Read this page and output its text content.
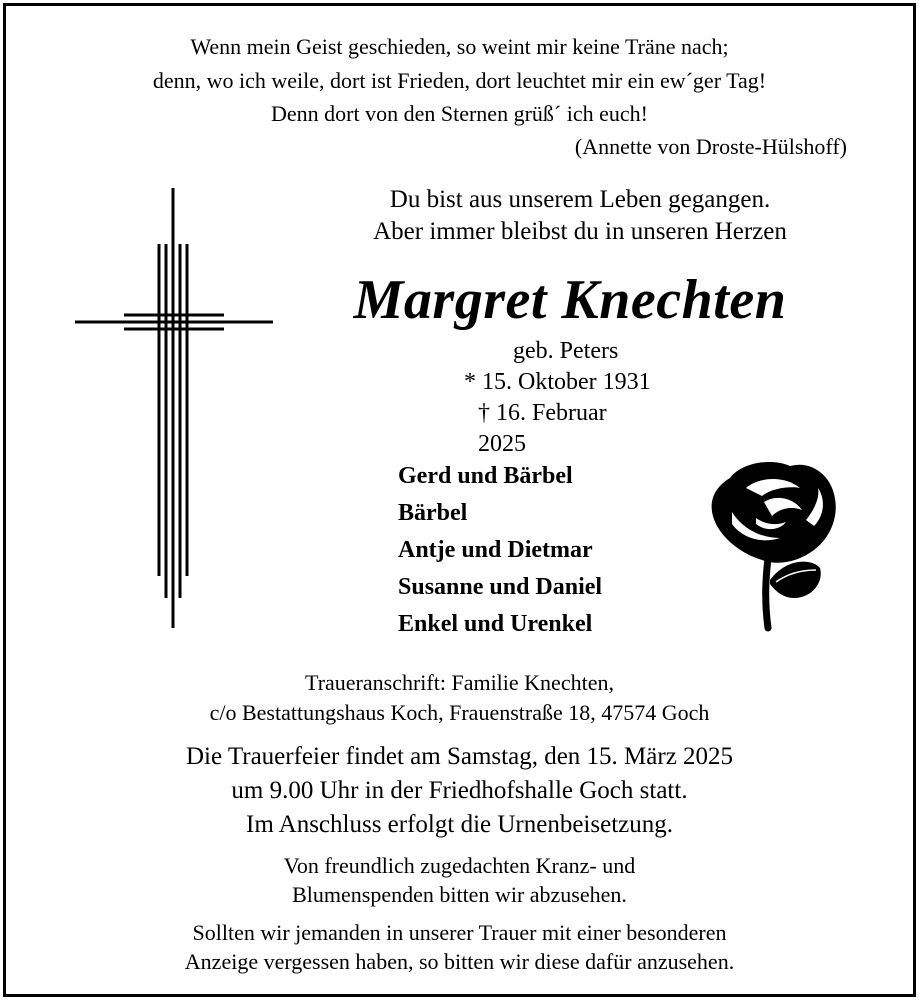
Wenn mein Geist geschieden, so weint mir keine Träne nach;
denn, wo ich weile, dort ist Frieden, dort leuchtet mir ein ew´ger Tag!
Denn dort von den Sternen grüß´ ich euch!
(Annette von Droste-Hülshoff)
Du bist aus unserem Leben gegangen.
Aber immer bleibst du in unseren Herzen
Margret Knechten
geb. Peters
* 15. Oktober 1931
† 16. Februar 2025
Gerd und Bärbel
Bärbel
Antje und Dietmar
Susanne und Daniel
Enkel und Urenkel
Traueranschrift: Familie Knechten,
c/o Bestattungshaus Koch, Frauenstraße 18, 47574 Goch
Die Trauerfeier findet am Samstag, den 15. März 2025
um 9.00 Uhr in der Friedhofshalle Goch statt.
Im Anschluss erfolgt die Urnenbeisetzung.
Von freundlich zugedachten Kranz- und
Blumenspenden bitten wir abzusehen.
Sollten wir jemanden in unserer Trauer mit einer besonderen
Anzeige vergessen haben, so bitten wir diese dafür anzusehen.
